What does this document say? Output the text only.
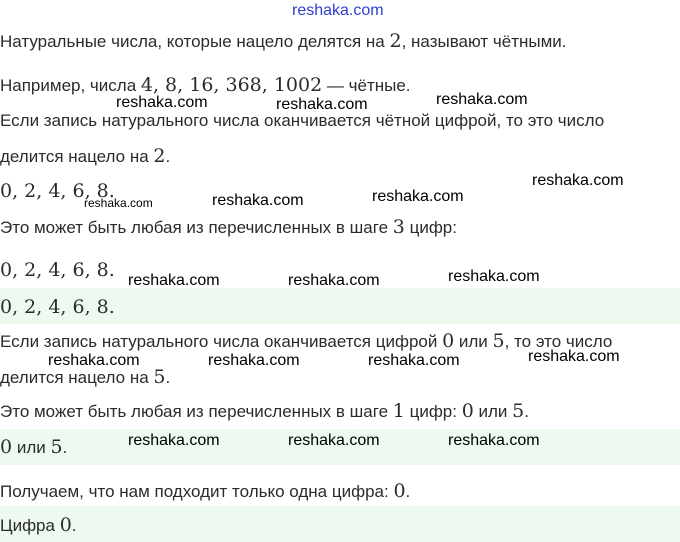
reshaka.com
Натуральные числа, которые нацело делятся на 2, называют чётными.
Например, числа 4, 8, 16, 368, 1002 — чётные.
Если запись натурального числа оканчивается чётной цифрой, то это число
делится нацело на 2.
0, 2, 4, 6, 8.
Это может быть любая из перечисленных в шаге 3 цифр:
0, 2, 4, 6, 8.
0, 2, 4, 6, 8.
Если запись натурального числа оканчивается цифрой 0 или 5, то это число
делится нацело на 5.
Это может быть любая из перечисленных в шаге 1 цифр: 0 или 5.
0 или 5.
Получаем, что нам подходит только одна цифра: 0.
Цифра 0.
reshaka.com	reshaka.com	reshaka.com
reshaka.com
reshaka.com	reshaka.com	reshaka.com
reshaka.com	reshaka.com	reshaka.com
reshaka.com	reshaka.com	reshaka.com	reshaka.com
reshaka.com	reshaka.com	reshaka.com
